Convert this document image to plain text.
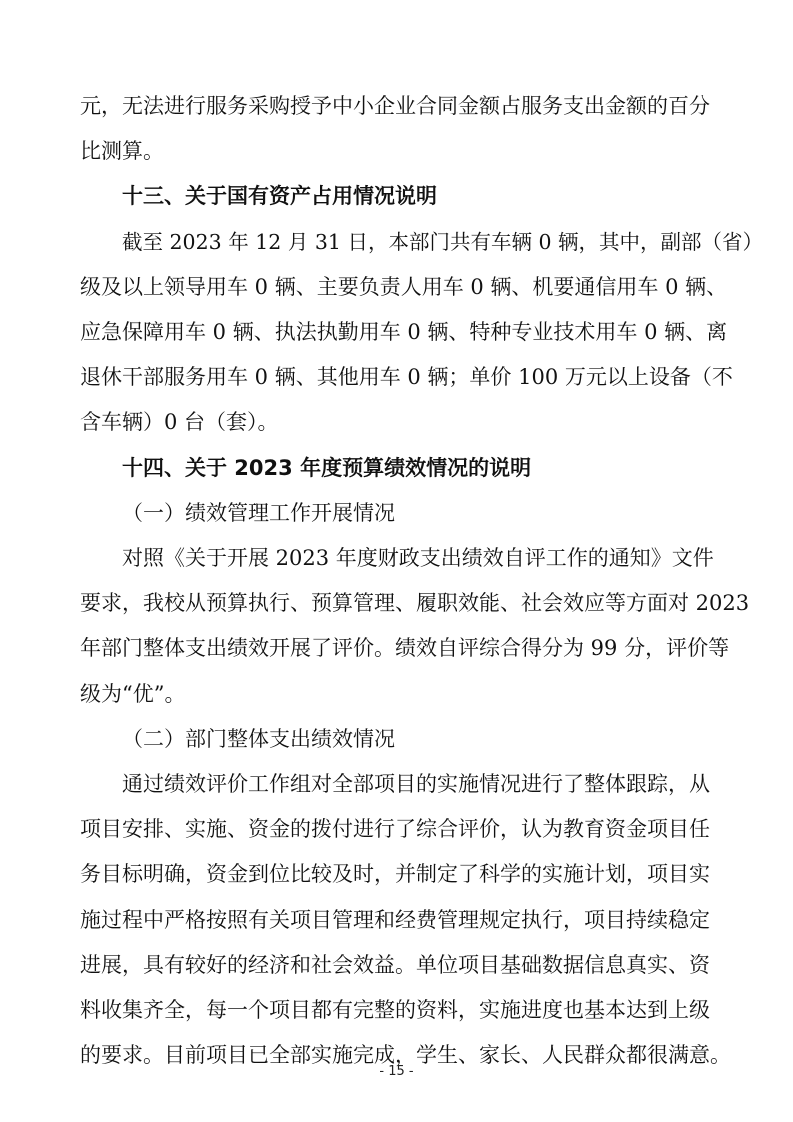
元，无法进行服务采购授予中小企业合同金额占服务支出金额的百分
比测算。
十三、关于国有资产占用情况说明
截至 2023 年 12 月 31 日，本部门共有车辆 0 辆，其中，副部（省）
级及以上领导用车 0 辆、主要负责人用车 0 辆、机要通信用车 0 辆、
应急保障用车 0 辆、执法执勤用车 0 辆、特种专业技术用车 0 辆、离
退休干部服务用车 0 辆、其他用车 0 辆；单价 100 万元以上设备（不
含车辆）0 台（套）。
十四、关于 2023 年度预算绩效情况的说明
（一）绩效管理工作开展情况
对照《关于开展 2023 年度财政支出绩效自评工作的通知》文件
要求，我校从预算执行、预算管理、履职效能、社会效应等方面对 2023
年部门整体支出绩效开展了评价。绩效自评综合得分为 99 分，评价等
级为“优”。
（二）部门整体支出绩效情况
通过绩效评价工作组对全部项目的实施情况进行了整体跟踪，从
项目安排、实施、资金的拨付进行了综合评价，认为教育资金项目任
务目标明确，资金到位比较及时，并制定了科学的实施计划，项目实
施过程中严格按照有关项目管理和经费管理规定执行，项目持续稳定
进展，具有较好的经济和社会效益。单位项目基础数据信息真实、资
料收集齐全，每一个项目都有完整的资料，实施进度也基本达到上级
的要求。目前项目已全部实施完成，学生、家长、人民群众都很满意。
- 15 -
